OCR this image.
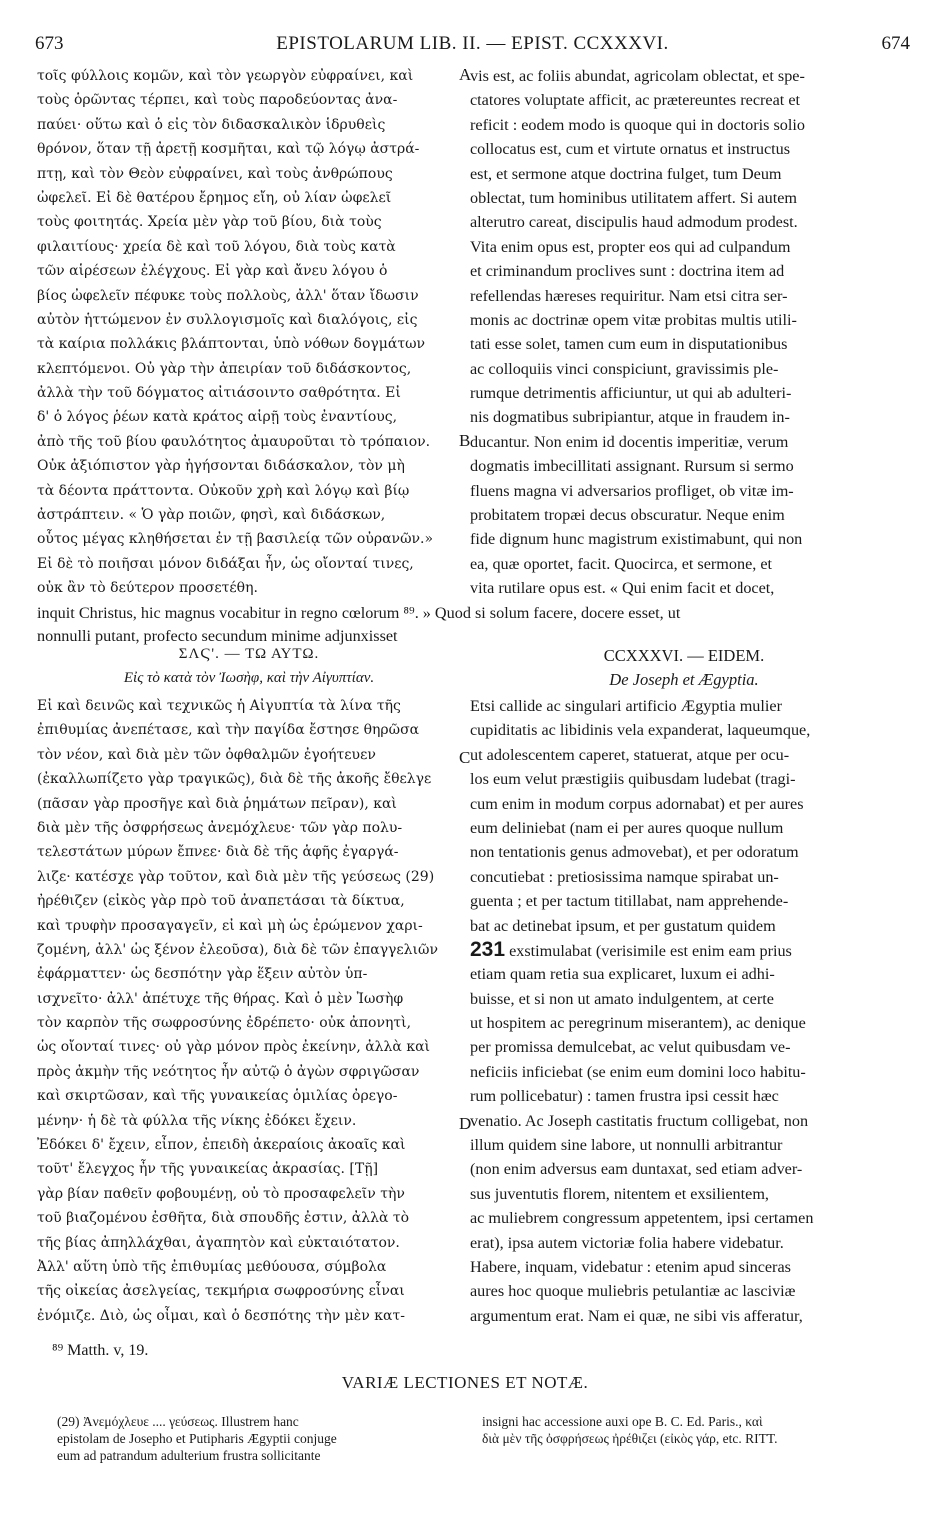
673	EPISTOLARUM LIB. II. — EPIST. CCXXXVI.	674
τοῖς φύλλοις κομῶν, καὶ τὸν γεωργὸν εὐφραίνει, καὶ
τοὺς ὁρῶντας τέρπει, καὶ τοὺς παροδεύοντας ἀνα-
παύει· οὕτω καὶ ὁ εἰς τὸν διδασκαλικὸν ἱδρυθεὶς
θρόνον, ὅταν τῇ ἀρετῇ κοσμῆται, καὶ τῷ λόγῳ ἀστρά-
πτῃ, καὶ τὸν Θεὸν εὐφραίνει, καὶ τοὺς ἀνθρώπους
ὠφελεῖ. Εἰ δὲ θατέρου ἔρημος εἴη, οὐ λίαν ὠφελεῖ
τοὺς φοιτητάς. Χρεία μὲν γὰρ τοῦ βίου, διὰ τοὺς
φιλαιτίους· χρεία δὲ καὶ τοῦ λόγου, διὰ τοὺς κατὰ
τῶν αἱρέσεων ἐλέγχους. Εἰ γὰρ καὶ ἄνευ λόγου ὁ
βίος ὠφελεῖν πέφυκε τοὺς πολλοὺς, ἀλλ' ὅταν ἴδωσιν
αὐτὸν ἡττώμενον ἐν συλλογισμοῖς καὶ διαλόγοις, εἰς
τὰ καίρια πολλάκις βλάπτονται, ὑπὸ νόθων δογμάτων
κλεπτόμενοι. Οὐ γὰρ τὴν ἀπειρίαν τοῦ διδάσκοντος,
ἀλλὰ τὴν τοῦ δόγματος αἰτιάσοιντο σαθρότητα. Εἰ
δ' ὁ λόγος ῥέων κατὰ κράτος αἱρῇ τοὺς ἐναντίους,
ἀπὸ τῆς τοῦ βίου φαυλότητος ἀμαυροῦται τὸ τρόπαιον.
Οὐκ ἀξιόπιστον γὰρ ἡγήσονται διδάσκαλον, τὸν μὴ
τὰ δέοντα πράττοντα. Οὐκοῦν χρὴ καὶ λόγῳ καὶ βίῳ
ἀστράπτειν. « Ὁ γὰρ ποιῶν, φησὶ, καὶ διδάσκων,
οὗτος μέγας κληθήσεται ἐν τῇ βασιλείᾳ τῶν οὐρανῶν.»
Εἰ δὲ τὸ ποιῆσαι μόνον διδάξαι ἦν, ὡς οἴονταί τινες,
οὐκ ἂν τὸ δεύτερον προσετέθη.
vis est, ac foliis abundat, agricolam oblectat, et spe-
ctatores voluptate afficit, ac prætereuntes recreat et
reficit : eodem modo is quoque qui in doctoris solio
collocatus est, cum et virtute ornatus et instructus
est, et sermone atque doctrina fulget, tum Deum
oblectat, tum hominibus utilitatem affert. Si autem
alterutro careat, discipulis haud admodum prodest.
Vita enim opus est, propter eos qui ad culpandum
et criminandum proclives sunt : doctrina item ad
refellendas hæreses requiritur. Nam etsi citra ser-
monis ac doctrinæ opem vitæ probitas multis utili-
tati esse solet, tamen cum eum in disputationibus
ac colloquiis vinci conspiciunt, gravissimis ple-
rumque detrimentis afficiuntur, ut qui ab adulteri-
nis dogmatibus subripiantur, atque in fraudem in-
ducantur. Non enim id docentis imperitiæ, verum
dogmatis imbecillitati assignant. Rursum si sermo
fluens magna vi adversarios profliget, ob vitæ im-
probitatem tropæi decus obscuratur. Neque enim
fide dignum hunc magistrum existimabunt, qui non
ea, quæ oportet, facit. Quocirca, et sermone, et
vita rutilare opus est. « Qui enim facit et docet,
A
B
C
D
inquit Christus, hic magnus vocabitur in regno cœlorum ⁸⁹. » Quod si solum facere, docere esset, ut
nonnulli putant, profecto secundum minime adjunxisset
ΣΛϚ'. — ΤΩ ΑΥΤΩ.
Εἰς τὸ κατὰ τὸν Ἰωσὴφ, καὶ τὴν Αἰγυπτίαν.
CCXXXVI. — EIDEM.
De Joseph et Ægyptia.
Εἰ καὶ δεινῶς καὶ τεχνικῶς ἡ Αἰγυπτία τὰ λίνα τῆς
ἐπιθυμίας ἀνεπέτασε, καὶ τὴν παγίδα ἔστησε θηρῶσα
τὸν νέον, καὶ διὰ μὲν τῶν ὀφθαλμῶν ἐγοήτευεν
(ἐκαλλωπίζετο γὰρ τραγικῶς), διὰ δὲ τῆς ἀκοῆς ἔθελγε
(πᾶσαν γὰρ προσῆγε καὶ διὰ ῥημάτων πεῖραν), καὶ
διὰ μὲν τῆς ὀσφρήσεως ἀνεμόχλευε· τῶν γὰρ πολυ-
τελεστάτων μύρων ἔπνεε· διὰ δὲ τῆς ἁφῆς ἐγαργά-
λιζε· κατέσχε γὰρ τοῦτον, καὶ διὰ μὲν τῆς γεύσεως (29)
ἠρέθιζεν (εἰκὸς γὰρ πρὸ τοῦ ἀναπετάσαι τὰ δίκτυα,
καὶ τρυφὴν προσαγαγεῖν, εἰ καὶ μὴ ὡς ἐρώμενον χαρι-
ζομένη, ἀλλ' ὡς ξένον ἐλεοῦσα), διὰ δὲ τῶν ἐπαγγελιῶν
ἐφάρματτεν· ὡς δεσπότην γὰρ ἕξειν αὐτὸν ὑπ-
ισχνεῖτο· ἀλλ' ἀπέτυχε τῆς θήρας. Καὶ ὁ μὲν Ἰωσὴφ
τὸν καρπὸν τῆς σωφροσύνης ἐδρέπετο· οὐκ ἀπονητὶ,
ὡς οἴονταί τινες· οὐ γὰρ μόνον πρὸς ἐκείνην, ἀλλὰ καὶ
πρὸς ἀκμὴν τῆς νεότητος ἦν αὐτῷ ὁ ἀγὼν σφριγῶσαν
καὶ σκιρτῶσαν, καὶ τῆς γυναικείας ὁμιλίας ὀρεγο-
μένην· ἡ δὲ τὰ φύλλα τῆς νίκης ἐδόκει ἔχειν.
Ἐδόκει δ' ἔχειν, εἶπον, ἐπειδὴ ἀκεραίοις ἀκοαῖς καὶ
τοῦτ' ἔλεγχος ἦν τῆς γυναικείας ἀκρασίας. [Τῇ]
γὰρ βίαν παθεῖν φοβουμένῃ, οὐ τὸ προσαφελεῖν τὴν
τοῦ βιαζομένου ἐσθῆτα, διὰ σπουδῆς ἐστιν, ἀλλὰ τὸ
τῆς βίας ἀπηλλάχθαι, ἀγαπητὸν καὶ εὐκταιότατον.
Ἀλλ' αὕτη ὑπὸ τῆς ἐπιθυμίας μεθύουσα, σύμβολα
τῆς οἰκείας ἀσελγείας, τεκμήρια σωφροσύνης εἶναι
ἐνόμιζε. Διὸ, ὡς οἶμαι, καὶ ὁ δεσπότης τὴν μὲν κατ-
Etsi callide ac singulari artificio Ægyptia mulier
cupiditatis ac libidinis vela expanderat, laqueumque,
ut adolescentem caperet, statuerat, atque per ocu-
los eum velut præstigiis quibusdam ludebat (tragi-
cum enim in modum corpus adornabat) et per aures
eum deliniebat (nam ei per aures quoque nullum
non tentationis genus admovebat), et per odoratum
concutiebat : pretiosissima namque spirabat un-
guenta ; et per tactum titillabat, nam apprehende-
bat ac detinebat ipsum, et per gustatum quidem
231 exstimulabat (verisimile est enim eam prius
etiam quam retia sua explicaret, luxum ei adhi-
buisse, et si non ut amato indulgentem, at certe
ut hospitem ac peregrinum miserantem), ac denique
per promissa demulcebat, ac velut quibusdam ve-
neficiis inficiebat (se enim eum domini loco habitu-
rum pollicebatur) : tamen frustra ipsi cessit hæc
venatio. Ac Joseph castitatis fructum colligebat, non
illum quidem sine labore, ut nonnulli arbitrantur
(non enim adversus eam duntaxat, sed etiam adver-
sus juventutis florem, nitentem et exsilientem,
ac muliebrem congressum appetentem, ipsi certamen
erat), ipsa autem victoriæ folia habere videbatur.
Habere, inquam, videbatur : etenim apud sinceras
aures hoc quoque muliebris petulantiæ ac lasciviæ
argumentum erat. Nam ei quæ, ne sibi vis afferatur,
⁸⁹ Matth. v, 19.
VARIÆ LECTIONES ET NOTÆ.
(29) Ἀνεμόχλευε .... γεύσεως. Illustrem hanc
epistolam de Josepho et Putipharis Ægyptii conjuge
eum ad patrandum adulterium frustra sollicitante
insigni hac accessione auxi ope B. C. Ed. Paris., καὶ
διὰ μὲν τῆς ὀσφρήσεως ἠρέθιζει (εἰκὸς γάρ, etc. RITT.
